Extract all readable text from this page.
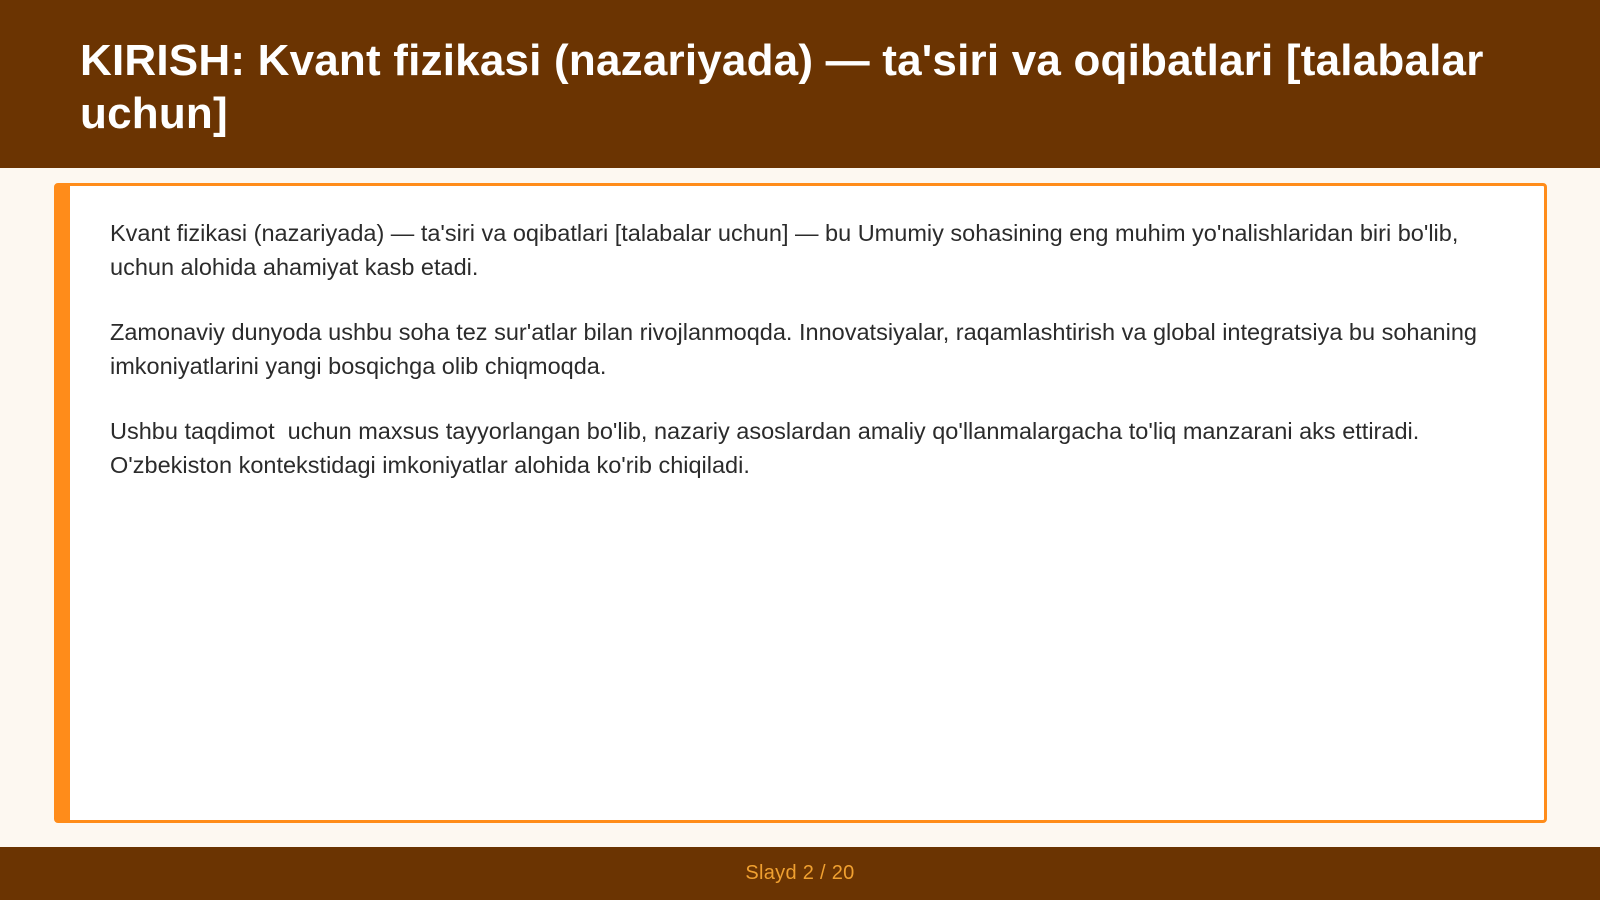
KIRISH: Kvant fizikasi (nazariyada) — ta'siri va oqibatlari [talabalar uchun]

Kvant fizikasi (nazariyada) — ta'siri va oqibatlari [talabalar uchun] — bu Umumiy sohasining eng muhim yo'nalishlaridan biri bo'lib,  uchun alohida ahamiyat kasb etadi.

Zamonaviy dunyoda ushbu soha tez sur'atlar bilan rivojlanmoqda. Innovatsiyalar, raqamlashtirish va global integratsiya bu sohaning imkoniyatlarini yangi bosqichga olib chiqmoqda.

Ushbu taqdimot  uchun maxsus tayyorlangan bo'lib, nazariy asoslardan amaliy qo'llanmalargacha to'liq manzarani aks ettiradi. O'zbekiston kontekstidagi imkoniyatlar alohida ko'rib chiqiladi.

Slayd 2 / 20
